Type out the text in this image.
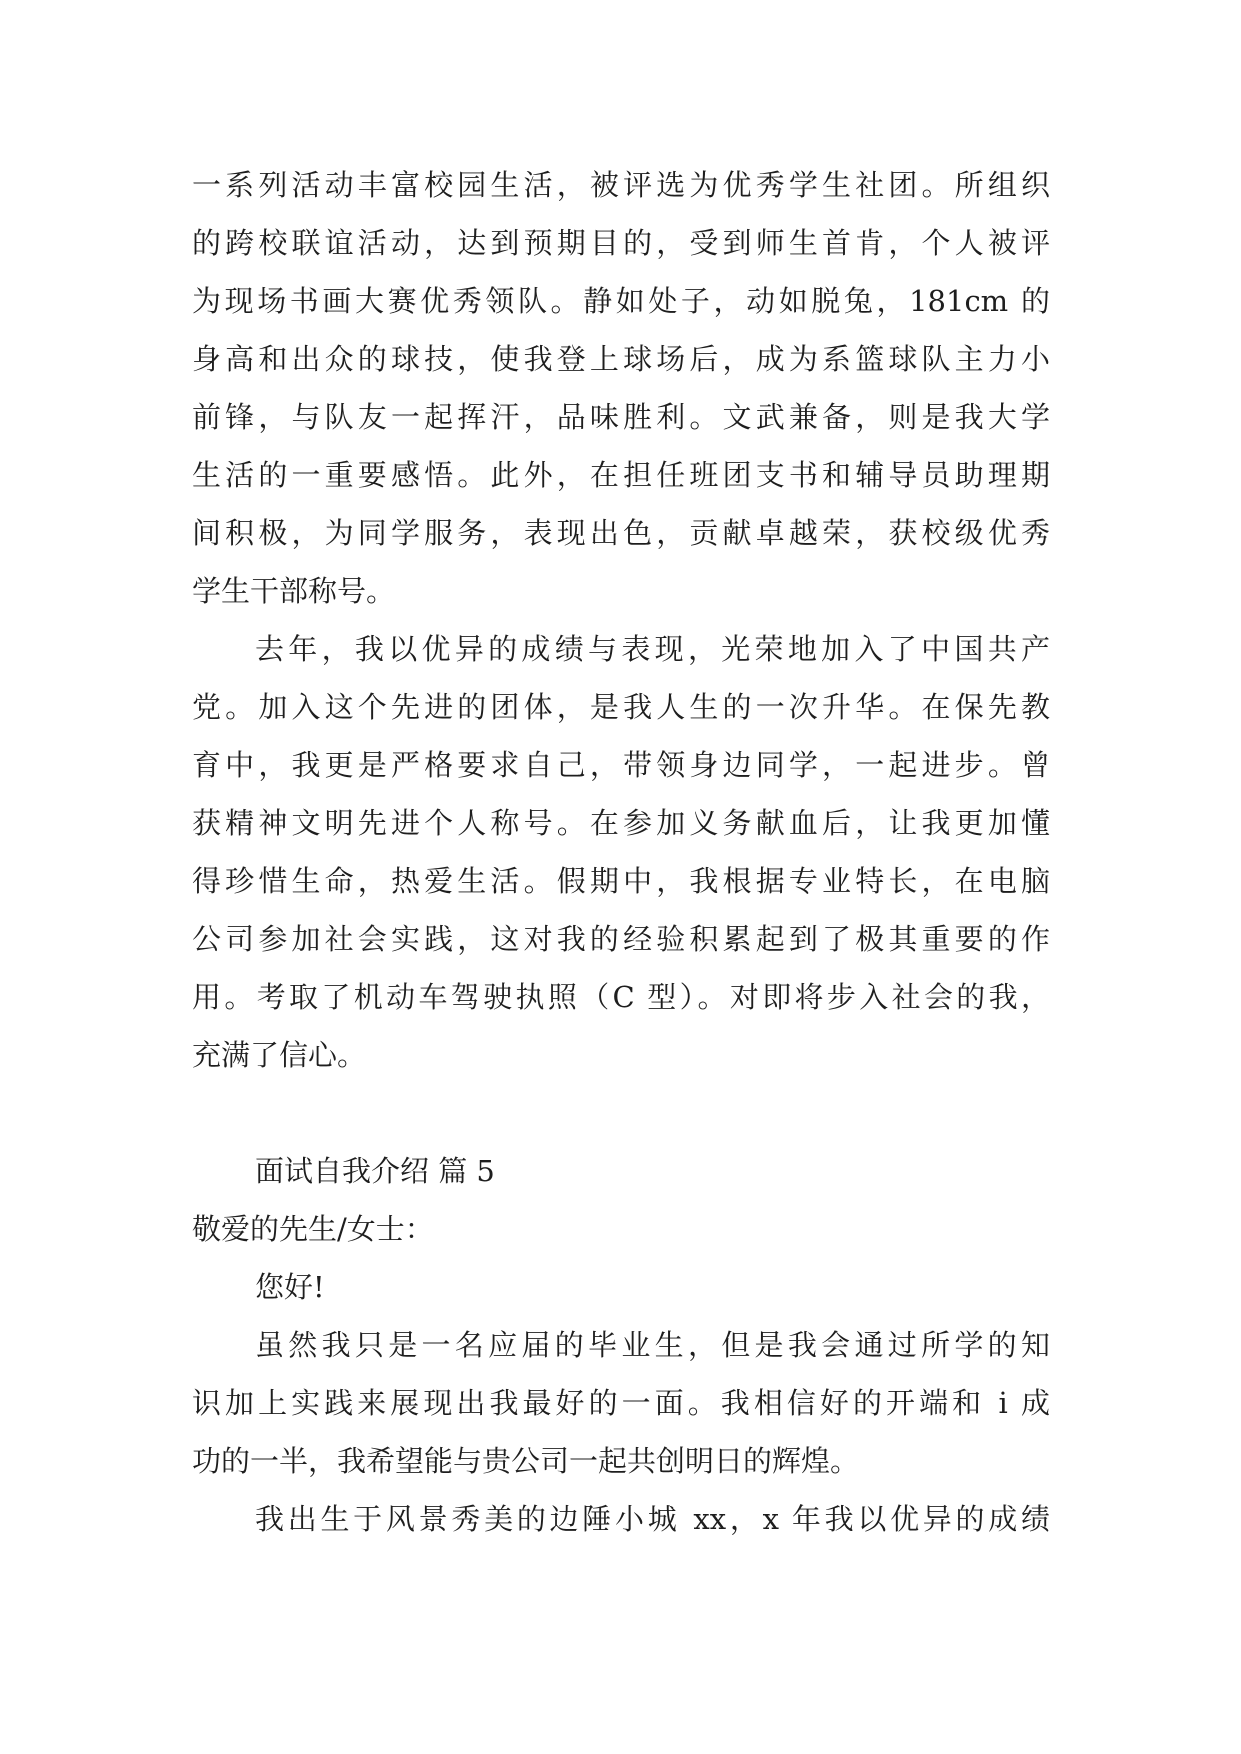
一系列活动丰富校园生活，被评选为优秀学生社团。所组织
的跨校联谊活动，达到预期目的，受到师生首肯，个人被评
为现场书画大赛优秀领队。静如处子，动如脱兔，181cm 的
身高和出众的球技，使我登上球场后，成为系篮球队主力小
前锋，与队友一起挥汗，品味胜利。文武兼备，则是我大学
生活的一重要感悟。此外，在担任班团支书和辅导员助理期
间积极，为同学服务，表现出色，贡献卓越荣，获校级优秀
学生干部称号。
去年，我以优异的成绩与表现，光荣地加入了中国共产
党。加入这个先进的团体，是我人生的一次升华。在保先教
育中，我更是严格要求自己，带领身边同学，一起进步。曾
获精神文明先进个人称号。在参加义务献血后，让我更加懂
得珍惜生命，热爱生活。假期中，我根据专业特长，在电脑
公司参加社会实践，这对我的经验积累起到了极其重要的作
用。考取了机动车驾驶执照（C 型）。对即将步入社会的我，
充满了信心。
面试自我介绍 篇 5
敬爱的先生/女士：
您好!
虽然我只是一名应届的毕业生，但是我会通过所学的知
识加上实践来展现出我最好的一面。我相信好的开端和 i 成
功的一半，我希望能与贵公司一起共创明日的辉煌。
我出生于风景秀美的边陲小城 xx，x 年我以优异的成绩
